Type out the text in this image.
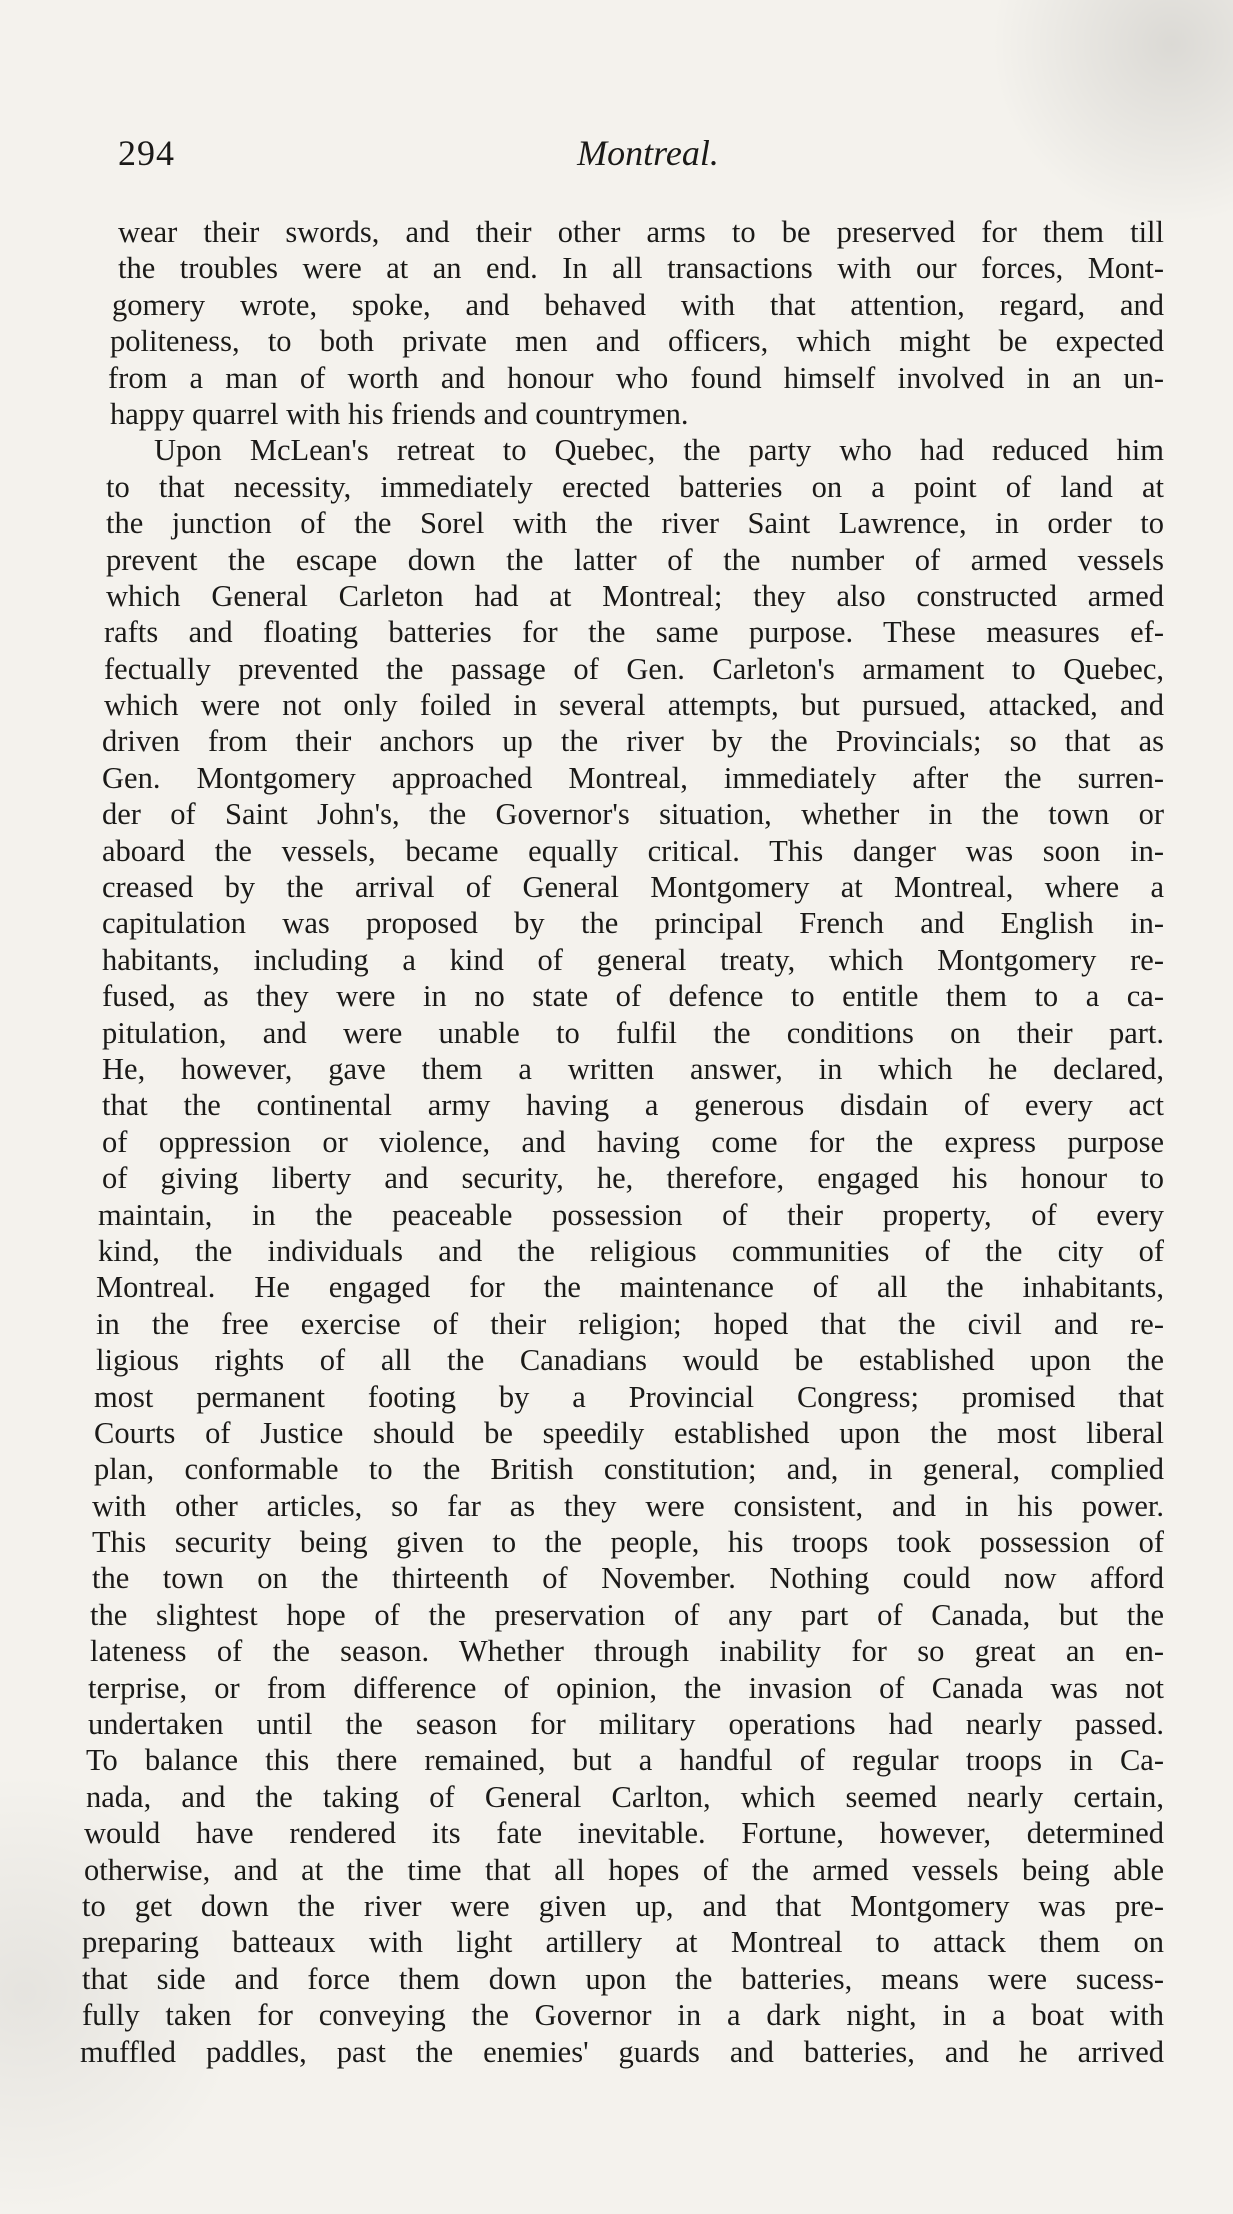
294	Montreal.
wear their swords, and their other arms to be preserved for them till
the troubles were at an end. In all transactions with our forces, Mont-
gomery wrote, spoke, and behaved with that attention, regard, and
politeness, to both private men and officers, which might be expected
from a man of worth and honour who found himself involved in an un-
happy quarrel with his friends and countrymen.
Upon McLean's retreat to Quebec, the party who had reduced him
to that necessity, immediately erected batteries on a point of land at
the junction of the Sorel with the river Saint Lawrence, in order to
prevent the escape down the latter of the number of armed vessels
which General Carleton had at Montreal; they also constructed armed
rafts and floating batteries for the same purpose. These measures ef-
fectually prevented the passage of Gen. Carleton's armament to Quebec,
which were not only foiled in several attempts, but pursued, attacked, and
driven from their anchors up the river by the Provincials; so that as
Gen. Montgomery approached Montreal, immediately after the surren-
der of Saint John's, the Governor's situation, whether in the town or
aboard the vessels, became equally critical. This danger was soon in-
creased by the arrival of General Montgomery at Montreal, where a
capitulation was proposed by the principal French and English in-
habitants, including a kind of general treaty, which Montgomery re-
fused, as they were in no state of defence to entitle them to a ca-
pitulation, and were unable to fulfil the conditions on their part.
He, however, gave them a written answer, in which he declared,
that the continental army having a generous disdain of every act
of oppression or violence, and having come for the express purpose
of giving liberty and security, he, therefore, engaged his honour to
maintain, in the peaceable possession of their property, of every
kind, the individuals and the religious communities of the city of
Montreal. He engaged for the maintenance of all the inhabitants,
in the free exercise of their religion; hoped that the civil and re-
ligious rights of all the Canadians would be established upon the
most permanent footing by a Provincial Congress; promised that
Courts of Justice should be speedily established upon the most liberal
plan, conformable to the British constitution; and, in general, complied
with other articles, so far as they were consistent, and in his power.
This security being given to the people, his troops took possession of
the town on the thirteenth of November. Nothing could now afford
the slightest hope of the preservation of any part of Canada, but the
lateness of the season. Whether through inability for so great an en-
terprise, or from difference of opinion, the invasion of Canada was not
undertaken until the season for military operations had nearly passed.
To balance this there remained, but a handful of regular troops in Ca-
nada, and the taking of General Carlton, which seemed nearly certain,
would have rendered its fate inevitable. Fortune, however, determined
otherwise, and at the time that all hopes of the armed vessels being able
to get down the river were given up, and that Montgomery was pre-
preparing batteaux with light artillery at Montreal to attack them on
that side and force them down upon the batteries, means were sucess-
fully taken for conveying the Governor in a dark night, in a boat with
muffled paddles, past the enemies' guards and batteries, and he arrived
